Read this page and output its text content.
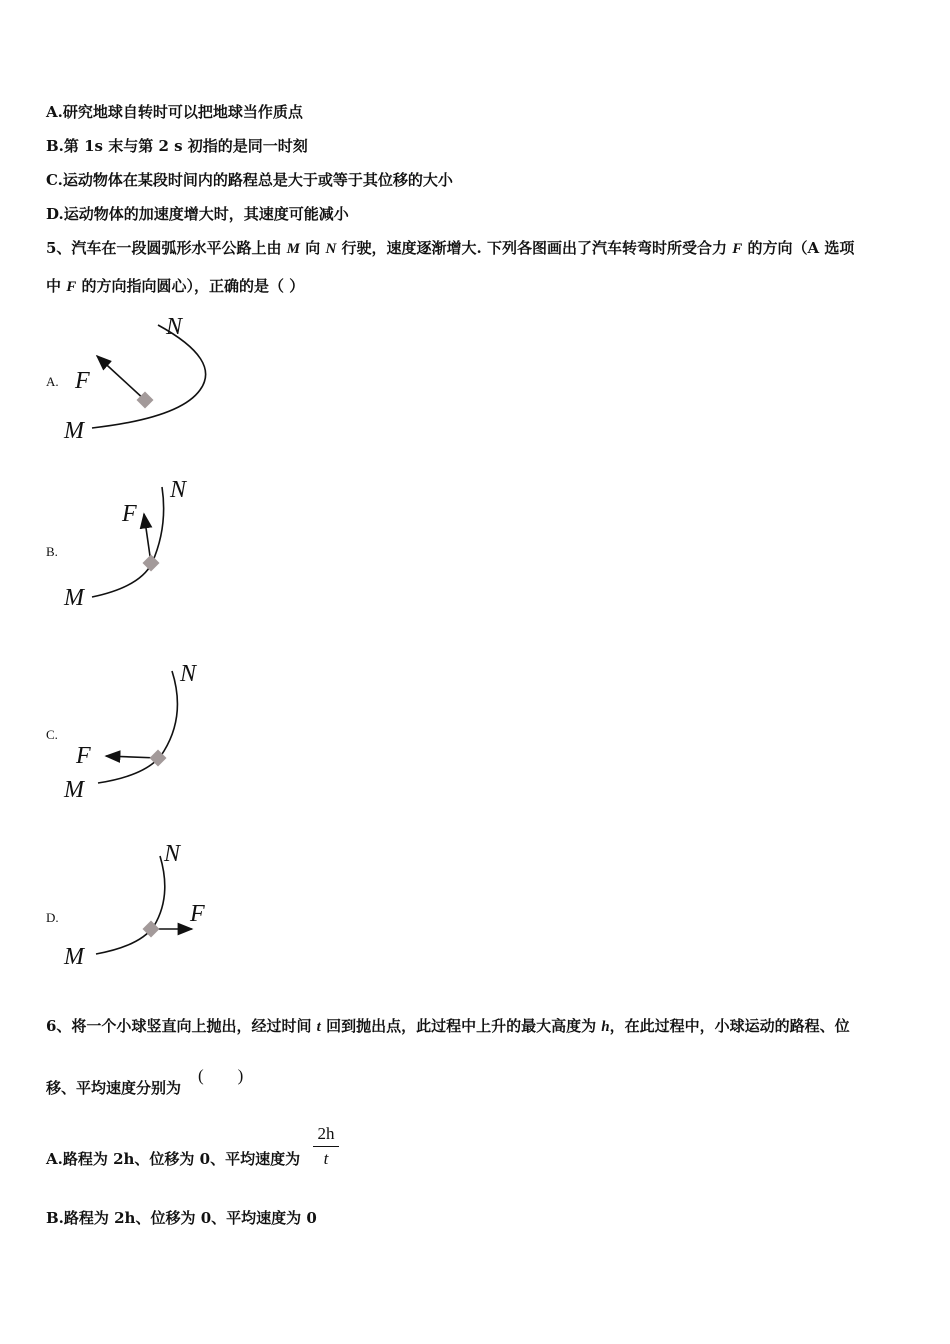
A.研究地球自转时可以把地球当作质点
B.第 1s 末与第 2 s 初指的是同一时刻
C.运动物体在某段时间内的路程总是大于或等于其位移的大小
D.运动物体的加速度增大时，其速度可能减小
5、汽车在一段圆弧形水平公路上由 M 向 N 行驶，速度逐渐增大. 下列各图画出了汽车转弯时所受合力 F 的方向（A 选项
中 F 的方向指向圆心），正确的是（ ）
A.
N
F
M
B.
N
F
M
C.
N
F
M
D.
N
F
M
6、将一个小球竖直向上抛出，经过时间 t 回到抛出点，此过程中上升的最大高度为 h，在此过程中，小球运动的路程、位
移、平均速度分别为
(        )
A.路程为 2h、位移为 0、平均速度为 $\frac{2h}{t}$
B.路程为 2h、位移为 0、平均速度为 0
